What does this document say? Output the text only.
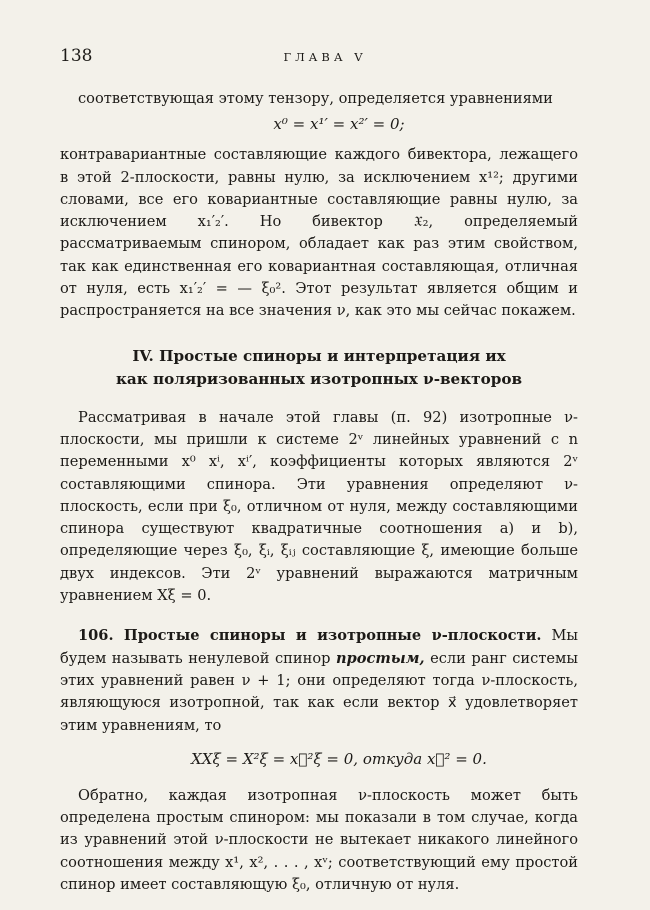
138	ГЛАВА V

соответствующая этому тензору, определяется уравнениями

x⁰ = x¹′ = x²′ = 0;

контравариантные составляющие каждого бивектора, лежащего в этой 2-плоскости, равны нулю, за исключением x¹²; другими словами, все его ковариантные составляющие равны нулю, за исключением x₁′₂′. Но бивектор 𝔛₂, определяемый рассматриваемым спинором, обладает как раз этим свойством, так как единственная его ковариантная составляющая, отличная от нуля, есть x₁′₂′ = — ξ₀². Этот результат является общим и распространяется на все значения ν, как это мы сейчас покажем.

IV. Простые спиноры и интерпретация их
как поляризованных изотропных ν-векторов

Рассматривая в начале этой главы (п. 92) изотропные ν-плоскости, мы пришли к системе 2ᵛ линейных уравнений с n переменными x⁰ xⁱ, xⁱ′, коэффициенты которых являются 2ᵛ составляющими спинора. Эти уравнения определяют ν-плоскость, если при ξ₀, отличном от нуля, между составляющими спинора существуют квадратичные соотношения a) и b), определяющие через ξ₀, ξᵢ, ξᵢⱼ составляющие ξ, имеющие больше двух индексов. Эти 2ᵛ уравнений выражаются матричным уравнением Xξ = 0.

106. Простые спиноры и изотропные ν-плоскости. Мы будем называть ненулевой спинор простым, если ранг системы этих уравнений равен ν + 1; они определяют тогда ν-плоскость, являющуюся изотропной, так как если вектор x⃗ удовлетворяет этим уравнениям, то

XXξ = X²ξ = x⃗²ξ = 0, откуда x⃗² = 0.

Обратно, каждая изотропная ν-плоскость может быть определена простым спинором: мы показали в том случае, когда из уравнений этой ν-плоскости не вытекает никакого линейного соотношения между x¹, x², . . . , xᵛ; соответствующий ему простой спинор имеет составляющую ξ₀, отличную от нуля.
